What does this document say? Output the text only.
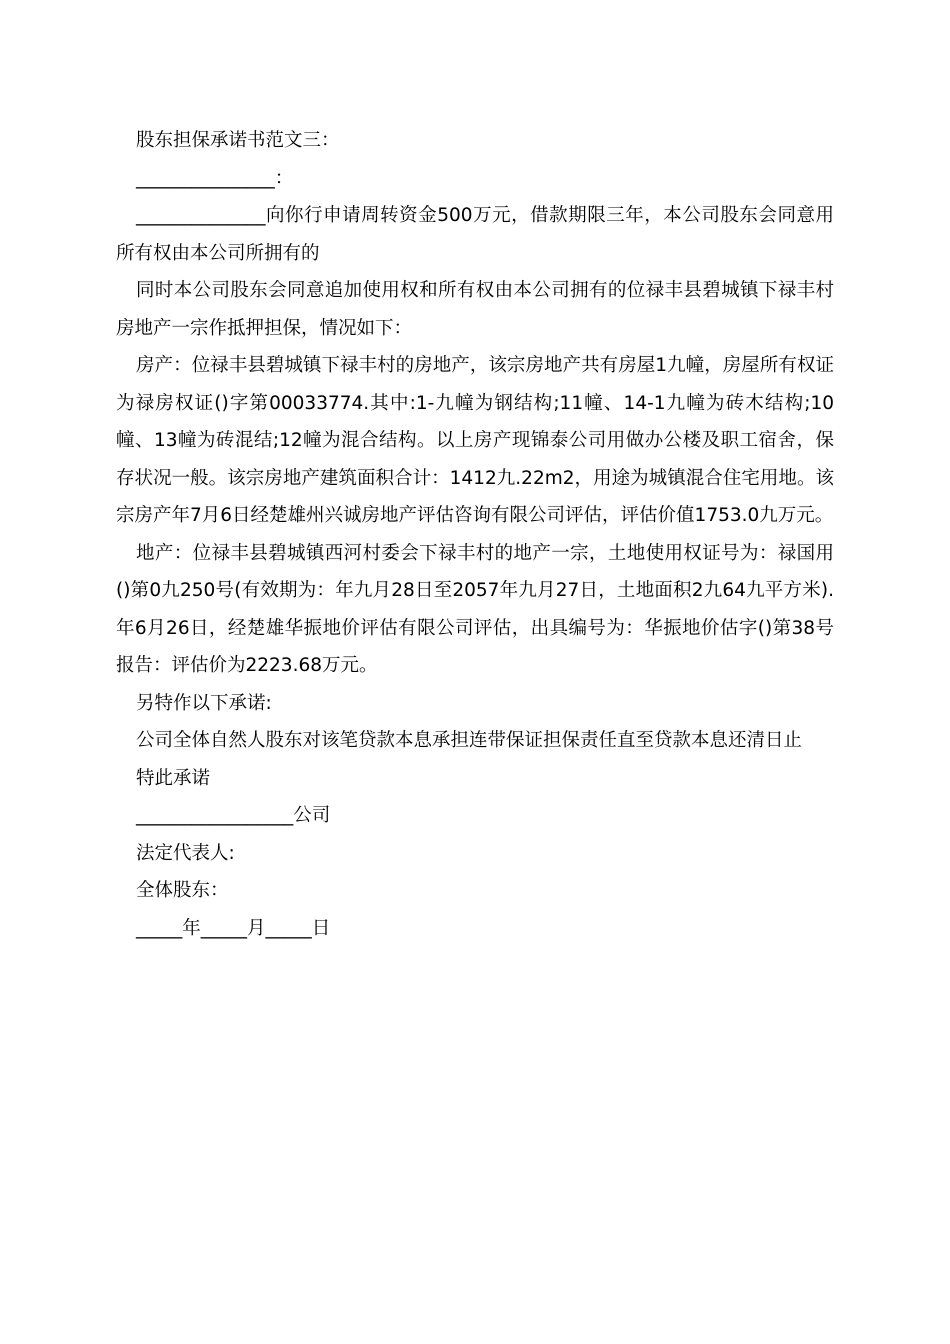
股东担保承诺书范文三：

_______________：

______________向你行申请周转资金500万元，借款期限三年，本公司股东会同意用所有权由本公司所拥有的

同时本公司股东会同意追加使用权和所有权由本公司拥有的位禄丰县碧城镇下禄丰村房地产一宗作抵押担保，情况如下：

房产：位禄丰县碧城镇下禄丰村的房地产，该宗房地产共有房屋1九幢，房屋所有权证为禄房权证()字第00033774.其中:1-九幢为钢结构;11幢、14-1九幢为砖木结构;10幢、13幢为砖混结;12幢为混合结构。以上房产现锦泰公司用做办公楼及职工宿舍，保存状况一般。该宗房地产建筑面积合计：1412九.22m2，用途为城镇混合住宅用地。该宗房产年7月6日经楚雄州兴诚房地产评估咨询有限公司评估，评估价值1753.0九万元。

地产：位禄丰县碧城镇西河村委会下禄丰村的地产一宗，土地使用权证号为：禄国用()第0九250号(有效期为：年九月28日至2057年九月27日，土地面积2九64九平方米).年6月26日，经楚雄华振地价评估有限公司评估，出具编号为：华振地价估字()第38号报告：评估价为2223.68万元。

另特作以下承诺:

公司全体自然人股东对该笔贷款本息承担连带保证担保责任直至贷款本息还清日止

特此承诺

_________________公司

法定代表人:

全体股东：

_____年_____月_____日
